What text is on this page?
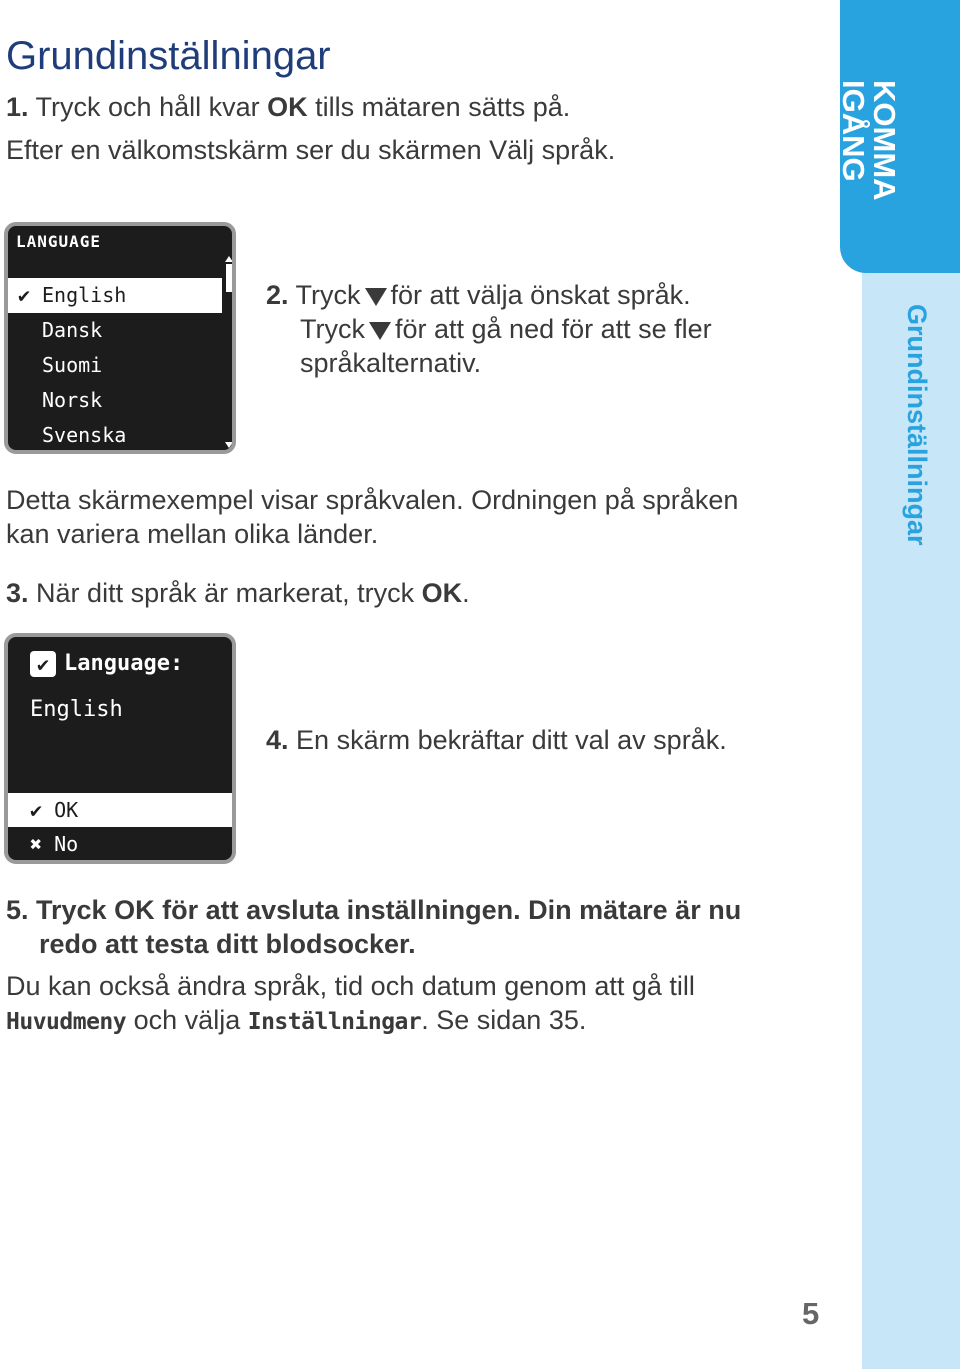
KOMMA
IGÅNG
Grundinställningar
5
Grundinställningar

1. Tryck och håll kvar OK tills mätaren sätts på.

Efter en välkomstskärm ser du skärmen Välj språk.

LANGUAGE
✔ English
Dansk
Suomi
Norsk
Svenska

2. Tryck för att välja önskat språk.

Tryck för att gå ned för att se fler

språkalternativ.

Detta skärmexempel visar språkvalen. Ordningen på språken

kan variera mellan olika länder.

3. När ditt språk är markerat, tryck OK.

✔ Language:
English
✔ OK
✖ No

4. En skärm bekräftar ditt val av språk.

5. Tryck OK för att avsluta inställningen. Din mätare är nu

redo att testa ditt blodsocker.

Du kan också ändra språk, tid och datum genom att gå till

Huvudmeny och välja Inställningar. Se sidan 35.
